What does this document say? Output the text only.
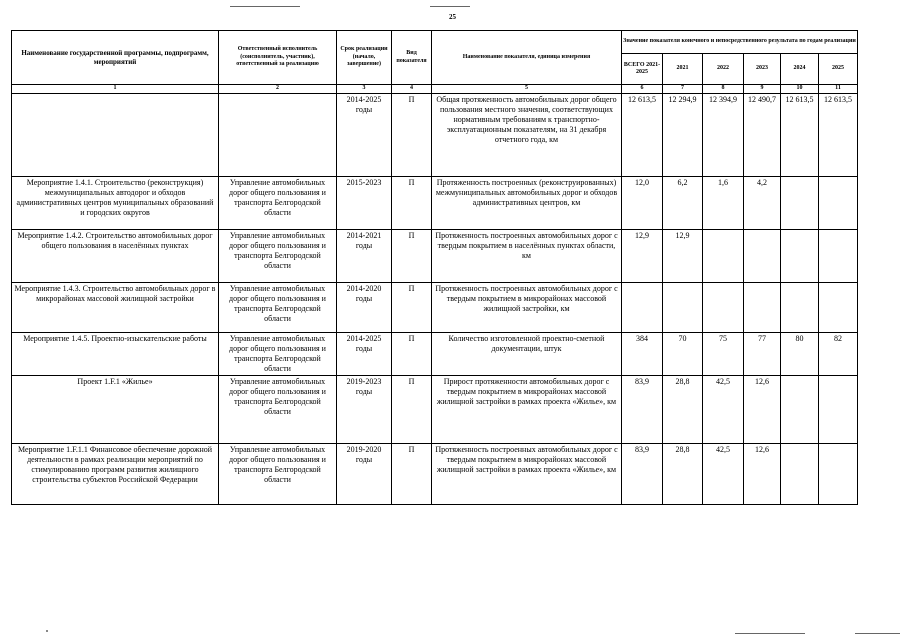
25
Наименование государственной программы, подпрограмм, мероприятий	Ответственный исполнитель (соисполнитель, участник), ответственный за реализацию	Срок реализации (начало, завершение)	Вид показателя	Наименование показателя, единица измерения	Значение показателя конечного и непосредственного результата по годам реализации					
					ВСЕГО 2021-2025	2021	2022	2023	2024	2025
1	2	3	4	5	6	7	8	9	10	11
		2014-2025 годы	П	Общая протяженность автомобильных дорог общего пользования местного значения, соответствующих нормативным требованиям к транспортно-эксплуатационным показателям, на 31 декабря отчетного года, км	12 613,5	12 294,9	12 394,9	12 490,7	12 613,5	12 613,5
Мероприятие 1.4.1. Строительство (реконструкция) межмуниципальных автодорог и обходов административных центров муниципальных образований и городских округов	Управление автомобильных дорог общего пользования и транспорта Белгородской области	2015-2023	П	Протяженность построенных (реконструированных) межмуниципальных автомобильных дорог и обходов административных центров, км	12,0	6,2	1,6	4,2		
Мероприятие 1.4.2. Строительство автомобильных дорог общего пользования в населённых пунктах	Управление автомобильных дорог общего пользования и транспорта Белгородской области	2014-2021 годы	П	Протяженность построенных автомобильных дорог с твердым покрытием в населённых пунктах области, км	12,9	12,9				
Мероприятие 1.4.3. Строительство автомобильных дорог в микрорайонах массовой жилищной застройки	Управление автомобильных дорог общего пользования и транспорта Белгородской области	2014-2020 годы	П	Протяженность построенных автомобильных дорог с твердым покрытием в микрорайонах массовой жилищной застройки, км						
Мероприятие 1.4.5. Проектно-изыскательские работы	Управление автомобильных дорог общего пользования и транспорта Белгородской области	2014-2025 годы	П	Количество изготовленной проектно-сметной документации, штук	384	70	75	77	80	82
Проект 1.F.1 «Жилье»	Управление автомобильных дорог общего пользования и транспорта Белгородской области	2019-2023 годы	П	Прирост протяженности автомобильных дорог с твердым покрытием в микрорайонах массовой жилищной застройки в рамках проекта «Жилье», км	83,9	28,8	42,5	12,6		
Мероприятие 1.F.1.1 Финансовое обеспечение дорожной деятельности в рамках реализации мероприятий по стимулированию программ развития жилищного строительства субъектов Российской Федерации	Управление автомобильных дорог общего пользования и транспорта Белгородской области	2019-2020 годы	П	Протяженность построенных автомобильных дорог с твердым покрытием в микрорайонах массовой жилищной застройки в рамках проекта «Жилье», км	83,9	28,8	42,5	12,6		
